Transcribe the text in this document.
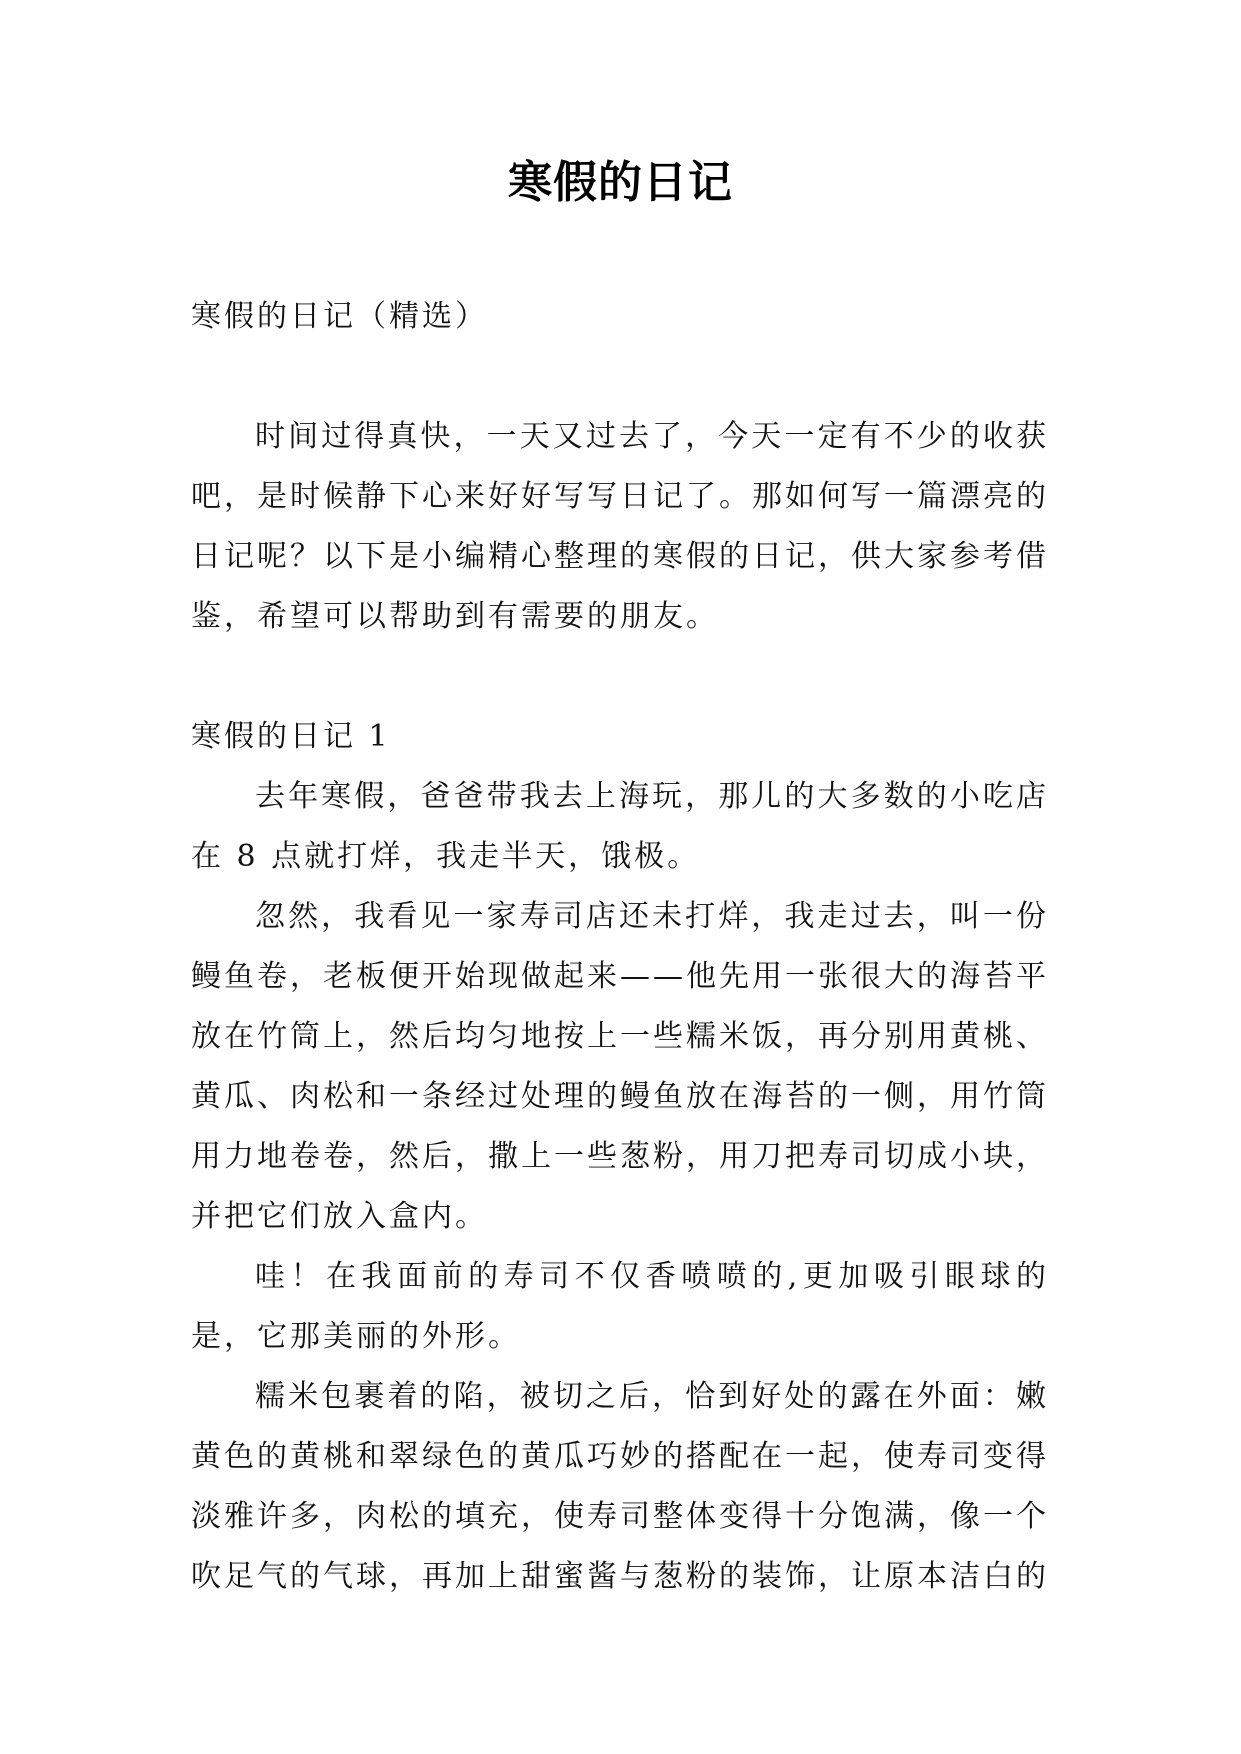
寒假的日记

寒假的日记（精选）

时间过得真快，一天又过去了，今天一定有不少的收获吧，是时候静下心来好好写写日记了。那如何写一篇漂亮的日记呢？以下是小编精心整理的寒假的日记，供大家参考借鉴，希望可以帮助到有需要的朋友。

寒假的日记 1

去年寒假，爸爸带我去上海玩，那儿的大多数的小吃店在 8 点就打烊，我走半天，饿极。

忽然，我看见一家寿司店还未打烊，我走过去，叫一份鳗鱼卷，老板便开始现做起来——他先用一张很大的海苔平放在竹筒上，然后均匀地按上一些糯米饭，再分别用黄桃、黄瓜、肉松和一条经过处理的鳗鱼放在海苔的一侧，用竹筒用力地卷卷，然后，撒上一些葱粉，用刀把寿司切成小块，并把它们放入盒内。

哇！在我面前的寿司不仅香喷喷的,更加吸引眼球的是，它那美丽的外形。

糯米包裹着的陷，被切之后，恰到好处的露在外面：嫩黄色的黄桃和翠绿色的黄瓜巧妙的搭配在一起，使寿司变得淡雅许多，肉松的填充，使寿司整体变得十分饱满，像一个吹足气的气球，再加上甜蜜酱与葱粉的装饰，让原本洁白的
